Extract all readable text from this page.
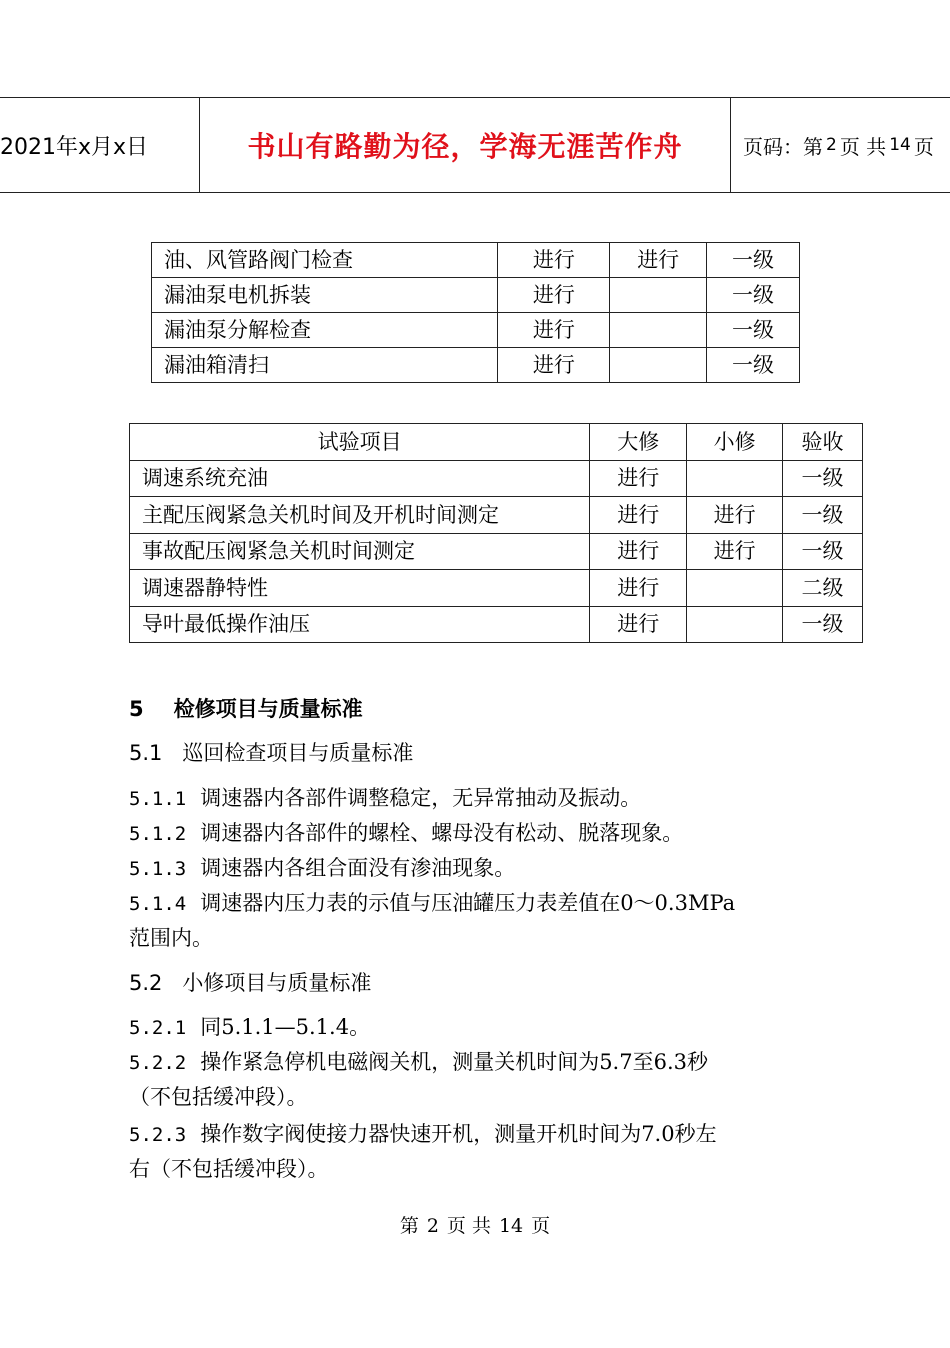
2021年x月x日	书山有路勤为径，学海无涯苦作舟	页码：第 2 页 共 14 页
油、风管路阀门检查	进行	进行	一级
漏油泵电机拆装	进行		一级
漏油泵分解检查	进行		一级
漏油箱清扫	进行		一级
试验项目	大修	小修	验收
调速系统充油	进行		一级
主配压阀紧急关机时间及开机时间测定	进行	进行	一级
事故配压阀紧急关机时间测定	进行	进行	一级
调速器静特性	进行		二级
导叶最低操作油压	进行		一级
5 检修项目与质量标准
5.1 巡回检查项目与质量标准
5.1.1 调速器内各部件调整稳定，无异常抽动及振动。
5.1.2 调速器内各部件的螺栓、螺母没有松动、脱落现象。
5.1.3 调速器内各组合面没有渗油现象。
5.1.4 调速器内压力表的示值与压油罐压力表差值在0～0.3MPa
范围内。
5.2 小修项目与质量标准
5.2.1 同5.1.1—5.1.4。
5.2.2 操作紧急停机电磁阀关机，测量关机时间为5.7至6.3秒
（不包括缓冲段）。
5.2.3 操作数字阀使接力器快速开机，测量开机时间为7.0秒左
右（不包括缓冲段）。
第 2 页 共 14 页
